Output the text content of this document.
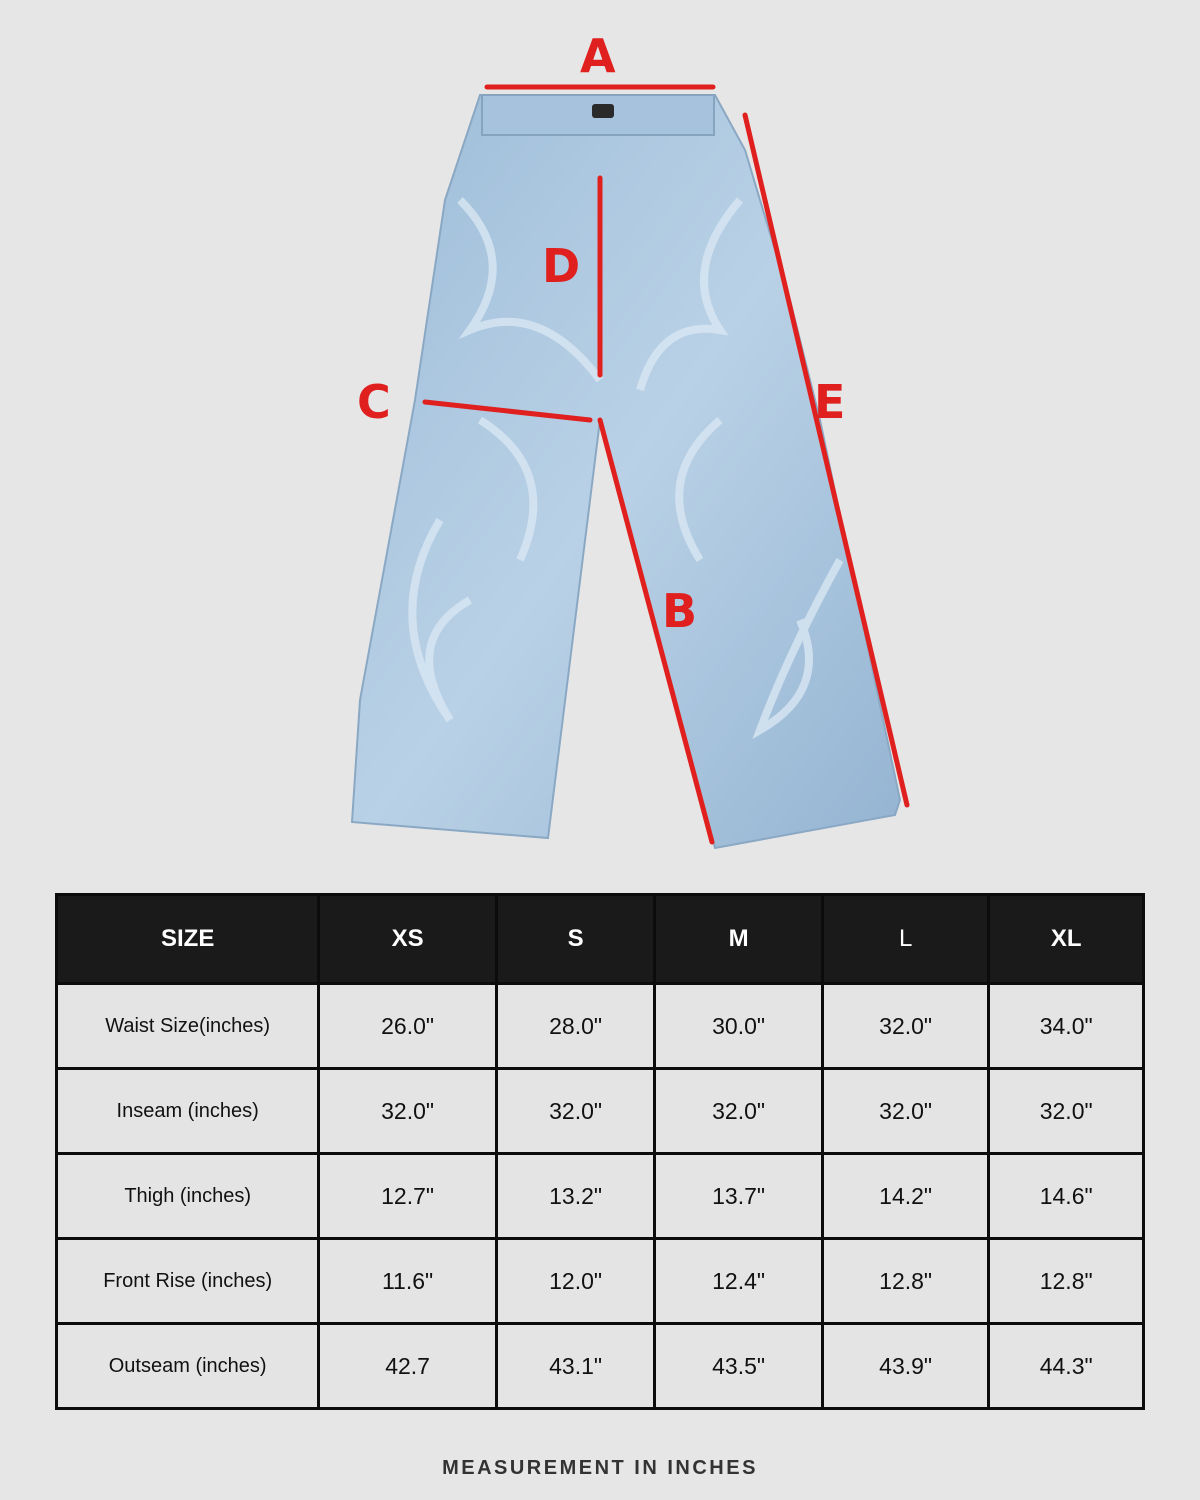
A
D
C
B
E
SIZE	XS	S	M	L	XL
Waist Size(inches)	26.0"	28.0"	30.0"	32.0"	34.0"
Inseam (inches)	32.0"	32.0"	32.0"	32.0"	32.0"
Thigh (inches)	12.7"	13.2"	13.7"	14.2"	14.6"
Front Rise (inches)	11.6"	12.0"	12.4"	12.8"	12.8"
Outseam (inches)	42.7	43.1"	43.5"	43.9"	44.3"
MEASUREMENT IN INCHES
